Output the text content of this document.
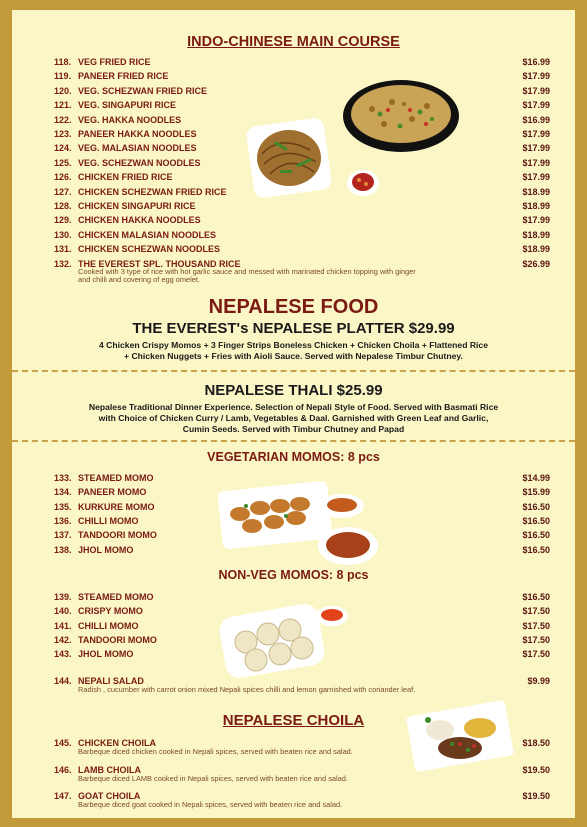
INDO-CHINESE MAIN COURSE
118. VEG FRIED RICE	$16.99
119. PANEER FRIED RICE	$17.99
120. VEG. SCHEZWAN FRIED RICE	$17.99
121. VEG. SINGAPURI RICE	$17.99
122. VEG. HAKKA NOODLES	$16.99
123. PANEER HAKKA NOODLES	$17.99
124. VEG. MALASIAN NOODLES	$17.99
125. VEG. SCHEZWAN NOODLES	$17.99
126. CHICKEN FRIED RICE	$17.99
127. CHICKEN SCHEZWAN FRIED RICE	$18.99
128. CHICKEN SINGAPURI RICE	$18.99
129. CHICKEN HAKKA NOODLES	$17.99
130. CHICKEN MALASIAN NOODLES	$18.99
131. CHICKEN SCHEZWAN NOODLES	$18.99
132. THE EVEREST SPL. THOUSAND RICE	$26.99
Cooked with 3 type of rice with hot garlic sauce and messed with marinated chicken topping with ginger
and chilli and covering of egg omelet.
NEPALESE FOOD
THE EVEREST's NEPALESE PLATTER $29.99
4 Chicken Crispy Momos + 3 Finger Strips Boneless Chicken + Chicken Choila + Flattened Rice
+ Chicken Nuggets + Fries with Aioli Sauce. Served with Nepalese Timbur Chutney.
NEPALESE THALI $25.99
Nepalese Traditional Dinner Experience. Selection of Nepali Style of Food. Served with Basmati Rice
with Choice of Chicken Curry / Lamb, Vegetables & Daal. Garnished with Green Leaf and Garlic,
Cumin Seeds. Served with Timbur Chutney and Papad
VEGETARIAN MOMOS: 8 pcs
133. STEAMED MOMO	$14.99
134. PANEER MOMO	$15.99
135. KURKURE MOMO	$16.50
136. CHILLI MOMO	$16.50
137. TANDOORI MOMO	$16.50
138. JHOL MOMO	$16.50
NON-VEG MOMOS: 8 pcs
139. STEAMED MOMO	$16.50
140. CRISPY MOMO	$17.50
141. CHILLI MOMO	$17.50
142. TANDOORI MOMO	$17.50
143. JHOL MOMO	$17.50
144. NEPALI SALAD	$9.99
Radish , cucumber with carrot onion mixed Nepali spices chilli and lemon garnished with coriander leaf.
NEPALESE CHOILA
145. CHICKEN CHOILA	$18.50
Barbeque diced chicken cooked in Nepali spices, served with beaten rice and salad.
146. LAMB CHOILA	$19.50
Barbeque diced LAMB cooked in Nepali spices, served with beaten rice and salad.
147. GOAT CHOILA	$19.50
Barbeque diced goat cooked in Nepali spices, served with beaten rice and salad.
